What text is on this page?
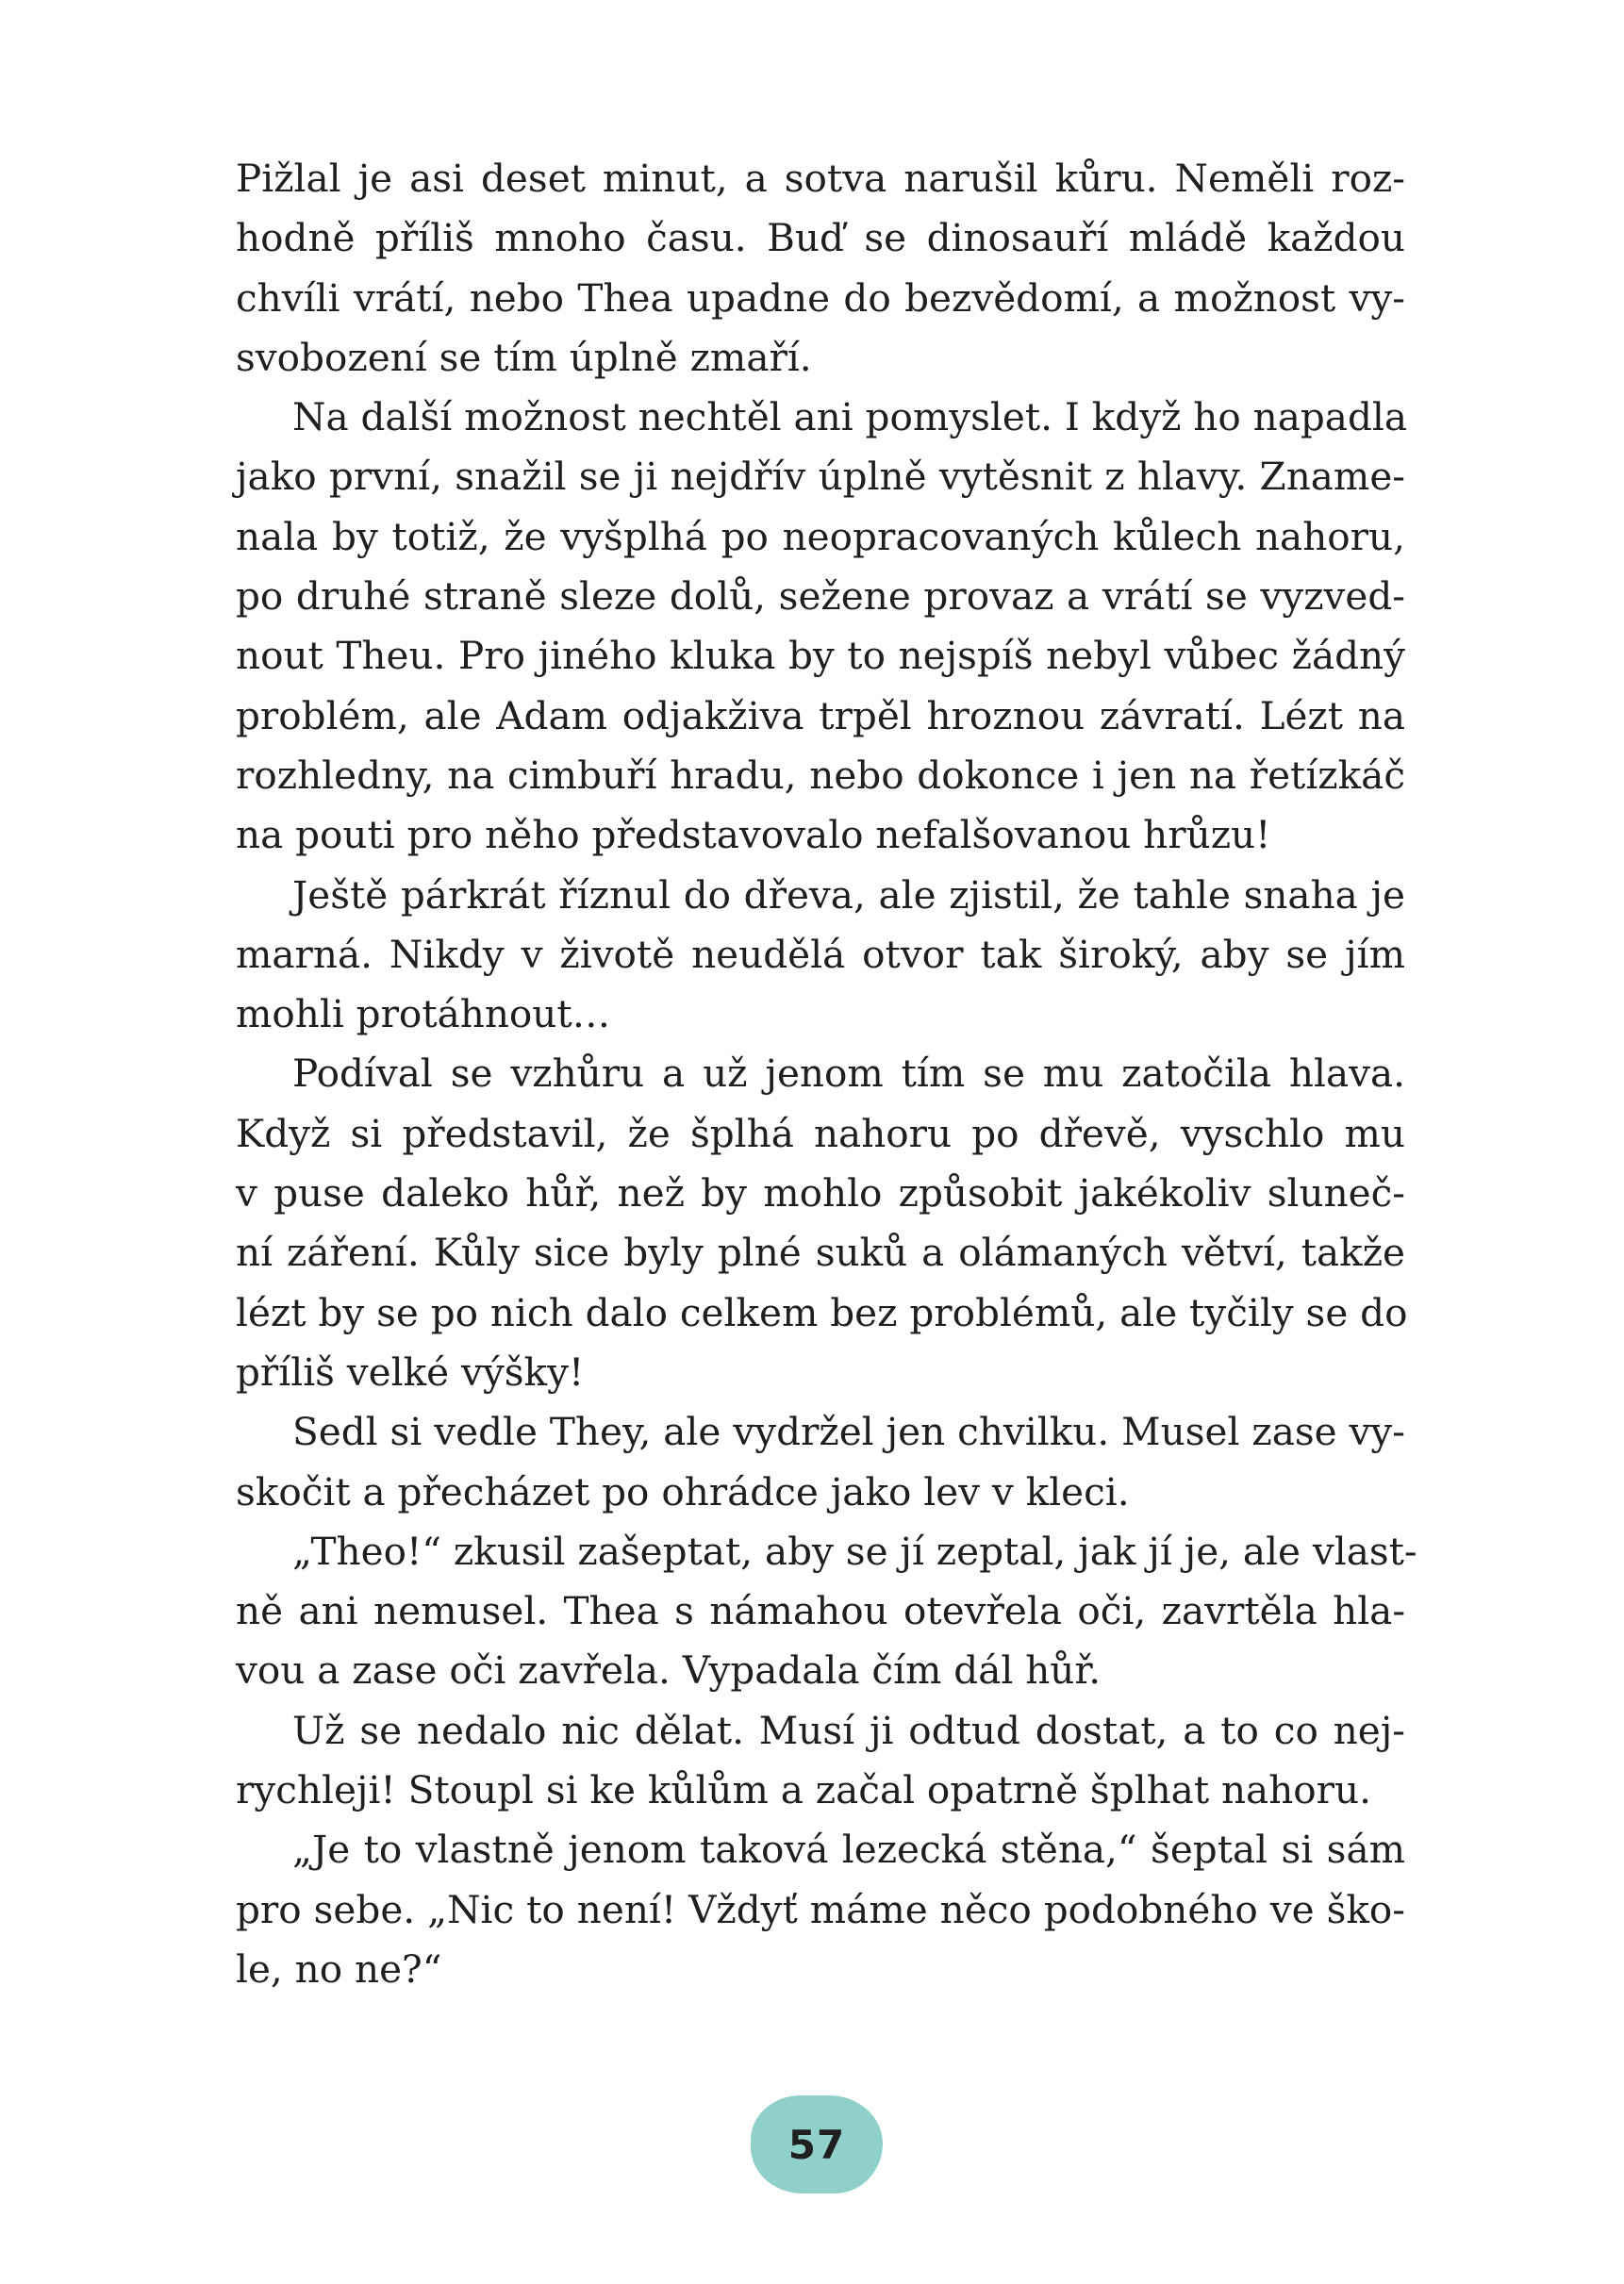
Pižlal je asi deset minut, a sotva narušil kůru. Neměli roz-
hodně příliš mnoho času. Buď se dinosauří mládě každou
chvíli vrátí, nebo Thea upadne do bezvědomí, a možnost vy-
svobození se tím úplně zmaří.
Na další možnost nechtěl ani pomyslet. I když ho napadla
jako první, snažil se ji nejdřív úplně vytěsnit z hlavy. Zname-
nala by totiž, že vyšplhá po neopracovaných kůlech nahoru,
po druhé straně sleze dolů, sežene provaz a vrátí se vyzved-
nout Theu. Pro jiného kluka by to nejspíš nebyl vůbec žádný
problém, ale Adam odjakživa trpěl hroznou závratí. Lézt na
rozhledny, na cimbuří hradu, nebo dokonce i jen na řetízkáč
na pouti pro něho představovalo nefalšovanou hrůzu!
Ještě párkrát říznul do dřeva, ale zjistil, že tahle snaha je
marná. Nikdy v životě neudělá otvor tak široký, aby se jím
mohli protáhnout…
Podíval se vzhůru a už jenom tím se mu zatočila hlava.
Když si představil, že šplhá nahoru po dřevě, vyschlo mu
v puse daleko hůř, než by mohlo způsobit jakékoliv sluneč-
ní záření. Kůly sice byly plné suků a olámaných větví, takže
lézt by se po nich dalo celkem bez problémů, ale tyčily se do
příliš velké výšky!
Sedl si vedle They, ale vydržel jen chvilku. Musel zase vy-
skočit a přecházet po ohrádce jako lev v kleci.
„Theo!“ zkusil zašeptat, aby se jí zeptal, jak jí je, ale vlast-
ně ani nemusel. Thea s námahou otevřela oči, zavrtěla hla-
vou a zase oči zavřela. Vypadala čím dál hůř.
Už se nedalo nic dělat. Musí ji odtud dostat, a to co nej-
rychleji! Stoupl si ke kůlům a začal opatrně šplhat nahoru.
„Je to vlastně jenom taková lezecká stěna,“ šeptal si sám
pro sebe. „Nic to není! Vždyť máme něco podobného ve ško-
le, no ne?“
57
